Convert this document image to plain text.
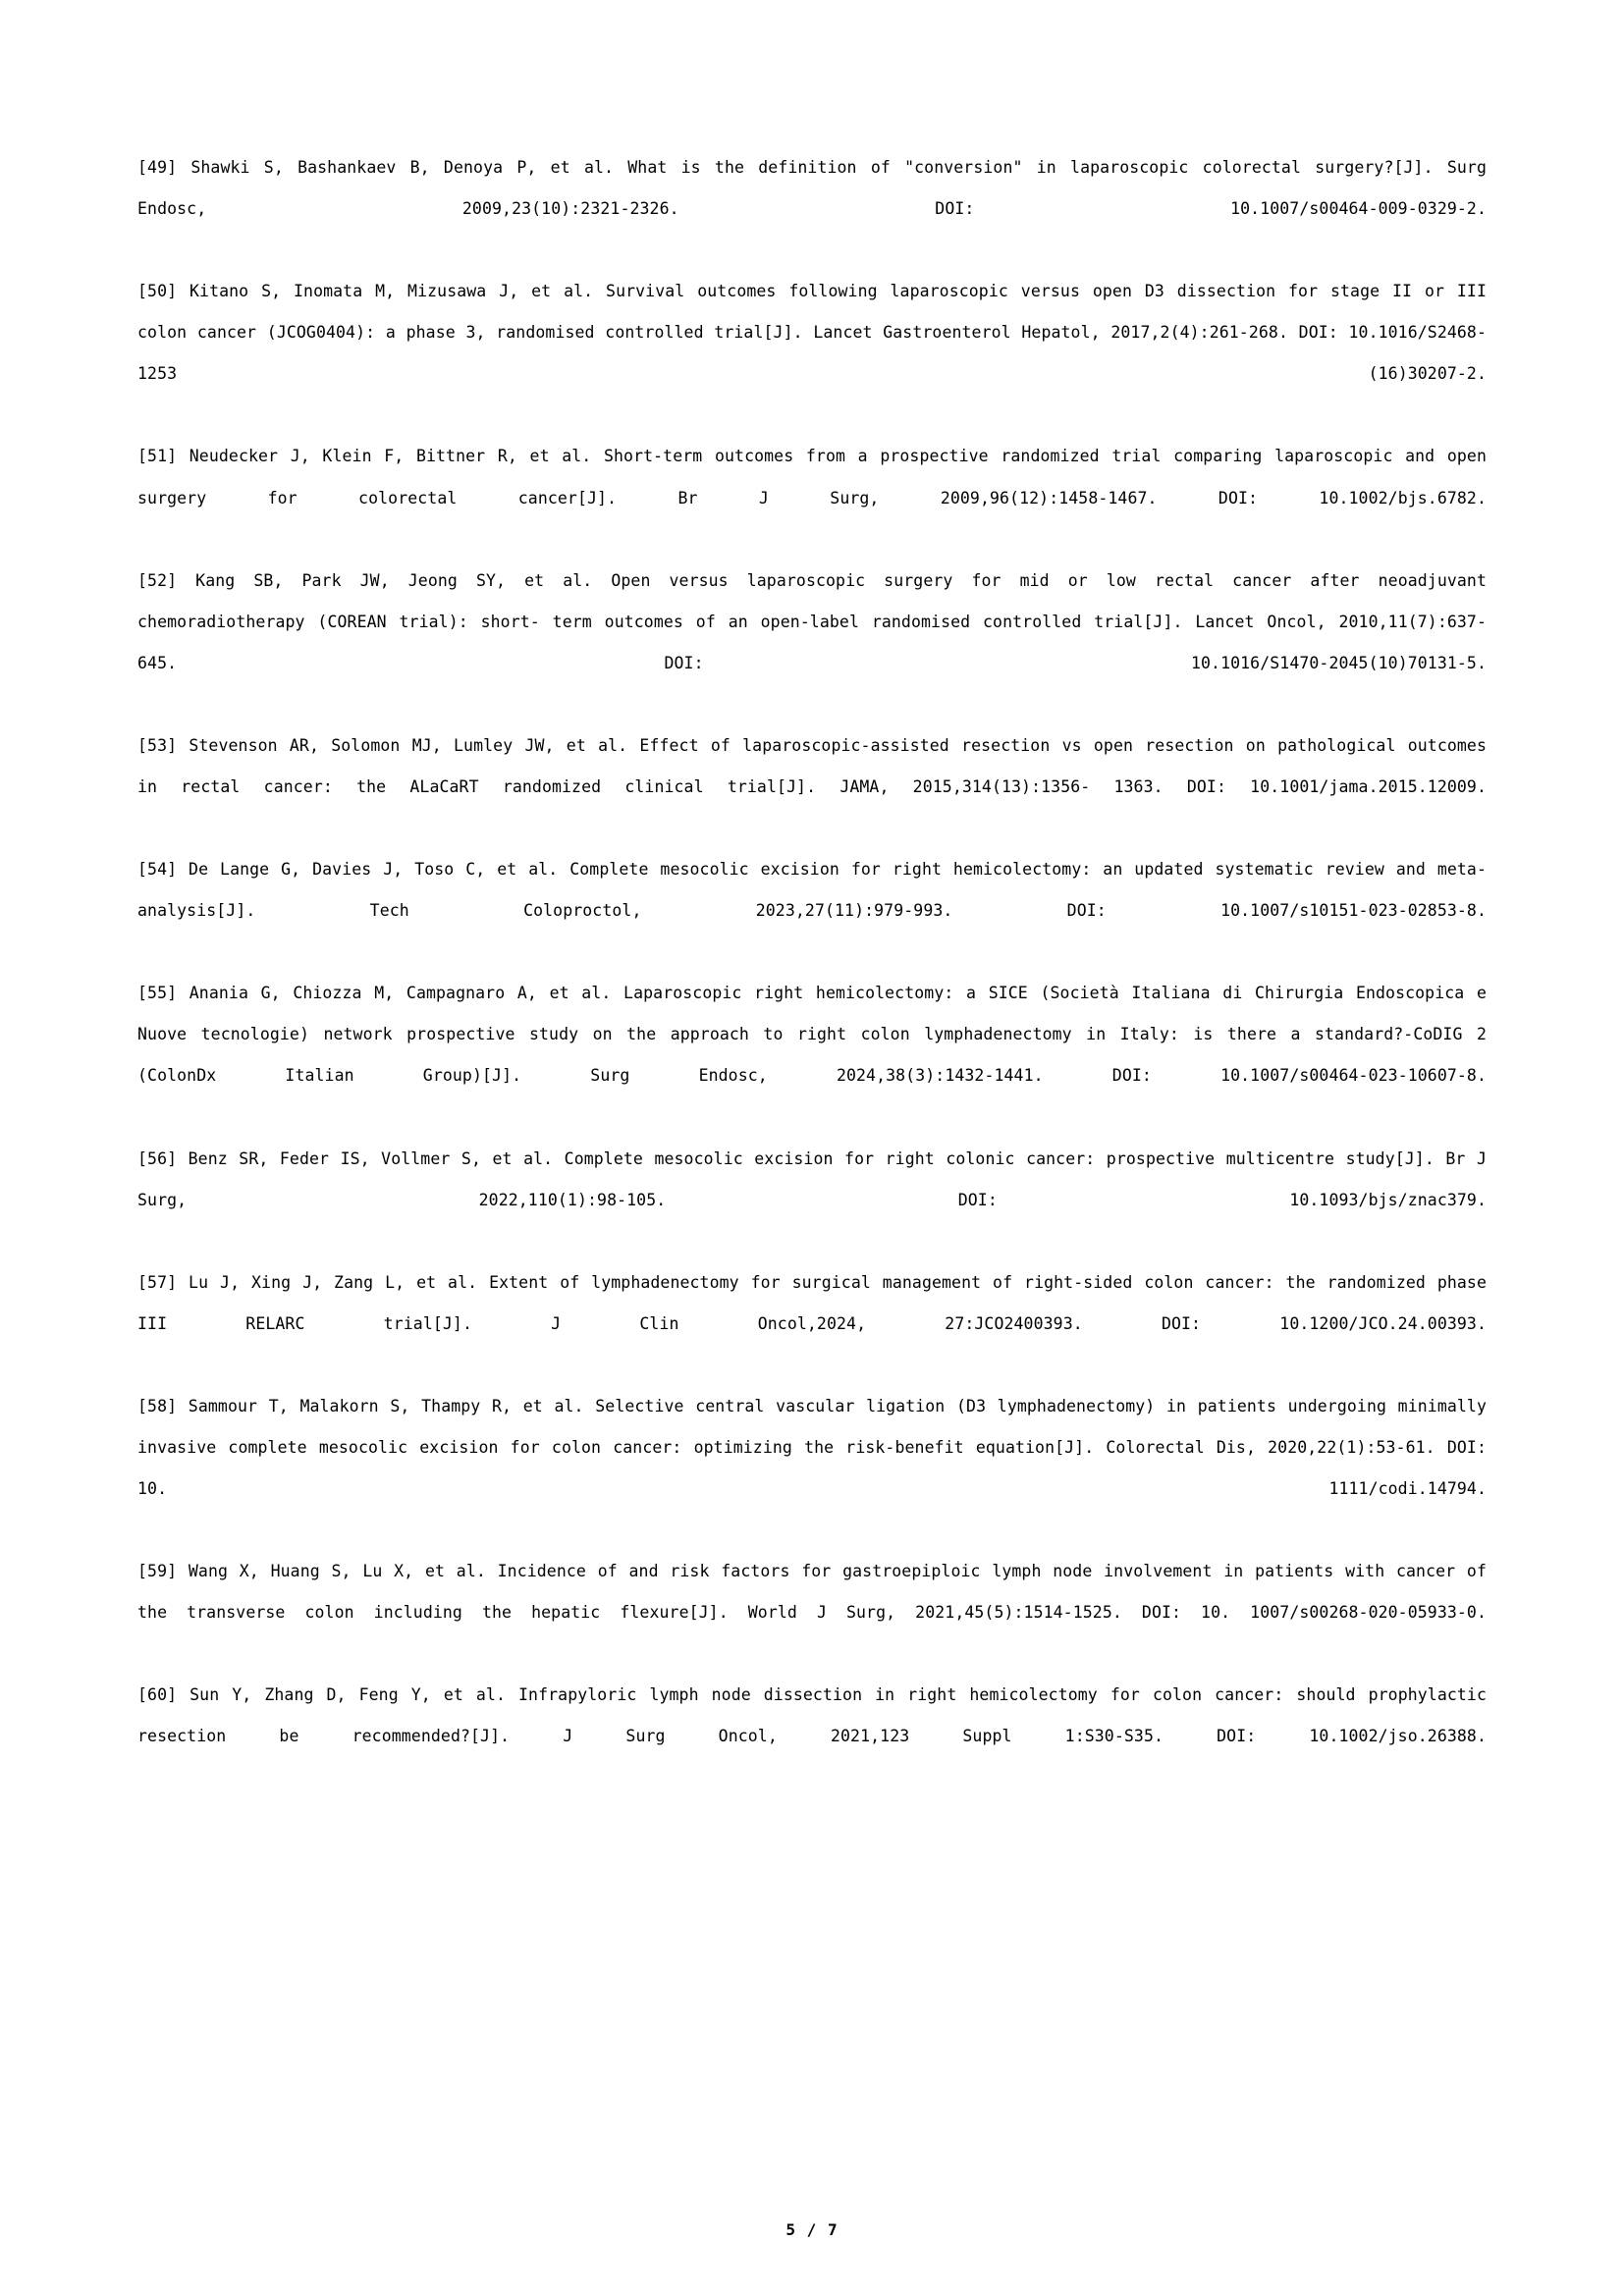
[49] Shawki S, Bashankaev B, Denoya P, et al. What is the definition of "conversion" in laparoscopic colorectal surgery?[J]. Surg Endosc, 2009,23(10):2321-2326. DOI: 10.1007/s00464-009-0329-2.

[50] Kitano S, Inomata M, Mizusawa J, et al. Survival outcomes following laparoscopic versus open D3 dissection for stage II or III colon cancer (JCOG0404): a phase 3, randomised controlled trial[J]. Lancet Gastroenterol Hepatol, 2017,2(4):261-268. DOI: 10.1016/S2468-1253 (16)30207-2.

[51] Neudecker J, Klein F, Bittner R, et al. Short-term outcomes from a prospective randomized trial comparing laparoscopic and open surgery for colorectal cancer[J]. Br J Surg, 2009,96(12):1458-1467. DOI: 10.1002/bjs.6782.

[52] Kang SB, Park JW, Jeong SY, et al. Open versus laparoscopic surgery for mid or low rectal cancer after neoadjuvant chemoradiotherapy (COREAN trial): short- term outcomes of an open-label randomised controlled trial[J]. Lancet Oncol, 2010,11(7):637-645. DOI: 10.1016/S1470-2045(10)70131-5.

[53] Stevenson AR, Solomon MJ, Lumley JW, et al. Effect of laparoscopic-assisted resection vs open resection on pathological outcomes in rectal cancer: the ALaCaRT randomized clinical trial[J]. JAMA, 2015,314(13):1356- 1363. DOI: 10.1001/jama.2015.12009.

[54] De Lange G, Davies J, Toso C, et al. Complete mesocolic excision for right hemicolectomy: an updated systematic review and meta-analysis[J]. Tech Coloproctol, 2023,27(11):979-993. DOI: 10.1007/s10151-023-02853-8.

[55] Anania G, Chiozza M, Campagnaro A, et al. Laparoscopic right hemicolectomy: a SICE (Società Italiana di Chirurgia Endoscopica e Nuove tecnologie) network prospective study on the approach to right colon lymphadenectomy in Italy: is there a standard?-CoDIG 2 (ColonDx Italian Group)[J]. Surg Endosc, 2024,38(3):1432-1441. DOI: 10.1007/s00464-023-10607-8.

[56] Benz SR, Feder IS, Vollmer S, et al. Complete mesocolic excision for right colonic cancer: prospective multicentre study[J]. Br J Surg, 2022,110(1):98-105. DOI: 10.1093/bjs/znac379.

[57] Lu J, Xing J, Zang L, et al. Extent of lymphadenectomy for surgical management of right-sided colon cancer: the randomized phase III RELARC trial[J]. J Clin Oncol,2024, 27:JCO2400393. DOI: 10.1200/JCO.24.00393.

[58] Sammour T, Malakorn S, Thampy R, et al. Selective central vascular ligation (D3 lymphadenectomy) in patients undergoing minimally invasive complete mesocolic excision for colon cancer: optimizing the risk-benefit equation[J]. Colorectal Dis, 2020,22(1):53-61. DOI: 10. 1111/codi.14794.

[59] Wang X, Huang S, Lu X, et al. Incidence of and risk factors for gastroepiploic lymph node involvement in patients with cancer of the transverse colon including the hepatic flexure[J]. World J Surg, 2021,45(5):1514-1525. DOI: 10. 1007/s00268-020-05933-0.

[60] Sun Y, Zhang D, Feng Y, et al. Infrapyloric lymph node dissection in right hemicolectomy for colon cancer: should prophylactic resection be recommended?[J]. J Surg Oncol, 2021,123 Suppl 1:S30-S35. DOI: 10.1002/jso.26388.

5 / 7
